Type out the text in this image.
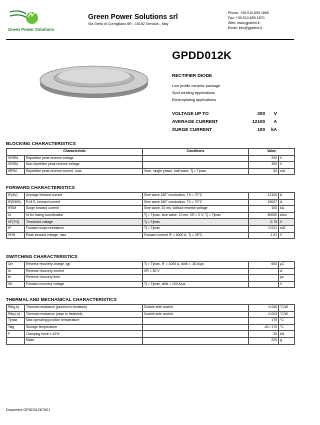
Green Power Solutions
Green Power Solutions srl
Via Greto di Cornigliano 6R - 16152 Genova - Italy
Phone: +39-010-659 1869
Fax: +39-010-659 1870
Web: www.gpsemi.it
Email: info@gpsemi.it
GPDD012K
RECTIFIER DIODE
Low profile ceramic package
Spot welding applications
Electroplating applications
VOLTAGE UP TO	200 V
AVERAGE CURRENT	12100 A
SURGE CURRENT	100 kA
BLOCKING CHARACTERISTICS
Characteristic		Conditions	Value	
VRRM	Repetitive peak reverse voltage		200	V
VRSM	Non-repetitive peak reverse voltage		300	V
IRRM	Repetitive peak reverse current, max.	Vrrm, single phase, half wave, Tj = Tjmax	50	mA
FORWARD CHARACTERISTICS
IF(AV)	Average forward current	Sine wave 180° conduction, Th = 70°C	12100	A
IF(RMS)	R.M.S. forward current	Sine wave 180° conduction, Th = 70°C	19007	A
IFSM	Surge forward current	Sine wave, 10 ms, without reverse voltage	100	kA
I²t	I²t for fusing coordination	Tj = Tjmax, sine wave, 10 ms, VR = 0 V, Tj = Tjmax	50000	kA²s
VF(TO)	Threshold voltage	Tj = Tjmax	0.75	V
rF	Forward slope resistance	Tj = Tjmax	0.021	mΩ
VFM	Peak forward voltage, max	Forward current IF = 6000 A, Tj = 25°C	1.01	V
SWITCHING CHARACTERISTICS
Qrr	Reverse recovery charge, typ.	Tj = Tjmax, IF = 1000 A, di/dt = -30 A/μs	600	μC
Irr	Reverse recovery current	VR = 50 V		A
trr	Reverse recovery time			μs
Vfr	Forward recovery voltage	Tj = Tjmax, di/dt = 100 A/μs		V
THERMAL AND MECHANICAL CHARACTERISTICS
Rth(j-h)	Thermal resistance (junction to heatsink)	Double side cooled	0.006	°C/W
Rth(c-h)	Thermal resistance (case to heatsink)	Double side cooled	0.003	°C/W
Tjmax	Max operating junction temperature		170	°C
Tstg	Storage temperature		-40 / 170	°C
F	Clamping force ± 10%		35	kN
	Mass		220	g
Document GPDD012K7001
